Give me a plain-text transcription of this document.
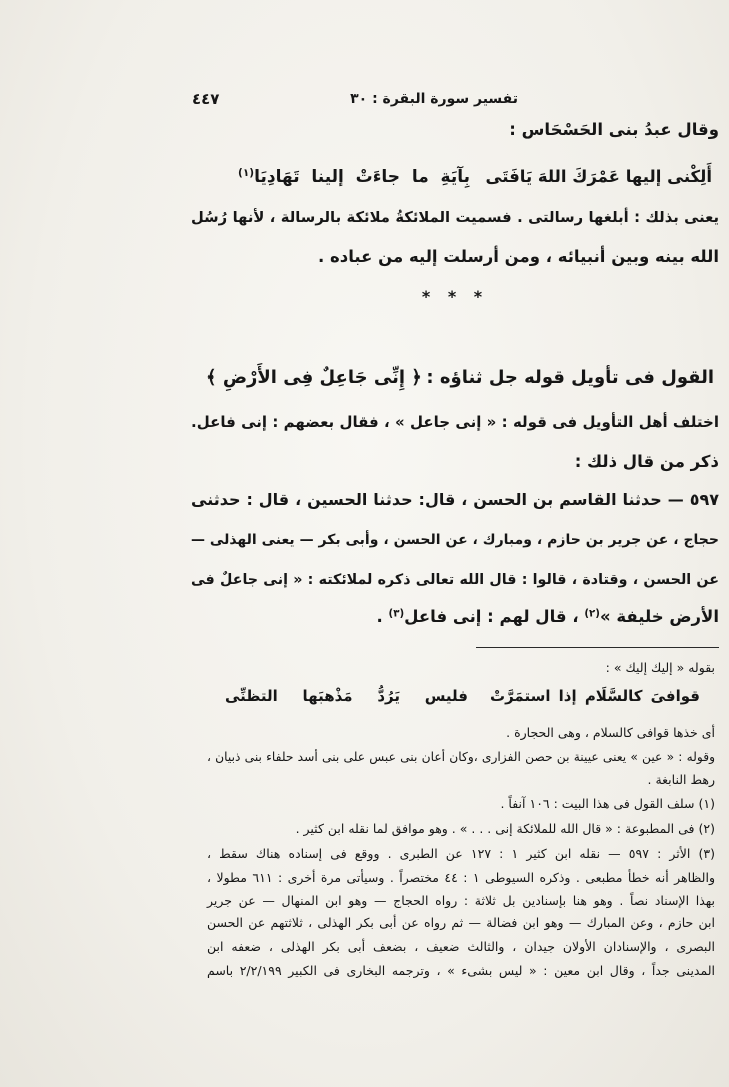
٤٤٧	تفسير سورة البقرة : ٣٠
وقال عبدُ بنى الحَسْحَاس :
أَلِكْنى إليها عَمْرَكَ اللهَ يَافَتَى
بِآيَةِ ما جاءَتْ إلينا تَهَادِيَا$^{(١)}$
يعنى بذلك : أبلغها رسالتى . فسميت الملائكةُ ملائكة بالرسالة ، لأنها رُسُل
الله بينه وبين أنبيائه ، ومن أرسلت إليه من عباده .
* * *
القول فى تأويل قوله جل ثناؤه :
﴿ إِنِّى جَاعِلٌ فِى الأَرْضِ ﴾
اختلف أهل التأويل فى قوله : « إنى جاعل » ، فقال بعضهم : إنى فاعل.
ذكر من قال ذلك :
٥٩٧ — حدثنا القاسم بن الحسن ، قال: حدثنا الحسين ، قال : حدثنى
حجاج ، عن جرير بن حازم ، ومبارك ، عن الحسن ، وأبى بكر — يعنى الهذلى —
عن الحسن ، وقتادة ، قالوا : قال الله تعالى ذكره لملائكته : « إنى جاعلٌ فى
الأرض خليفة »$^{(٢)}$ ، قال لهم : إنى فاعل$^{(٣)}$ .
بقوله « إليك إليك » :
قوافىَ كالسَّلَام إذا استمَرَّتْ
فليس يَرُدُّ مَذْهبَها التظنِّى
أى خذها قوافى كالسلام ، وهى الحجارة .
وقوله : « عين » يعنى عيينة بن حصن الفزارى ،وكان أعان بنى عبس على بنى أسد حلفاء بنى ذبيان ،
رهط النابغة .
(١) سلف القول فى هذا البيت : ١٠٦ آنفاً .
(٢) فى المطبوعة : « قال الله للملائكة إنى . . . » . وهو موافق لما نقله ابن كثير .
(٣) الأثر : ٥٩٧ — نقله ابن كثير ١ : ١٢٧ عن الطبرى . ووقع فى إسناده هناك سقط ،
والظاهر أنه خطأ مطبعى . وذكره السيوطى ١ : ٤٤ مختصراً . وسيأتى مرة أخرى : ٦١١ مطولا ،
بهذا الإسناد نصاً . وهو هنا بإسنادين بل ثلاثة : رواه الحجاج — وهو ابن المنهال — عن جرير
ابن حازم ، وعن المبارك — وهو ابن فضالة — ثم رواه عن أبى بكر الهذلى ، ثلاثتهم عن الحسن
البصرى ، والإسنادان الأولان جيدان ، والثالث ضعيف ، بضعف أبى بكر الهذلى ، ضعفه ابن
المدينى جداً ، وقال ابن معين : « ليس بشىء » ، وترجمه البخارى فى الكبير ٢/٢/١٩٩ باسم
